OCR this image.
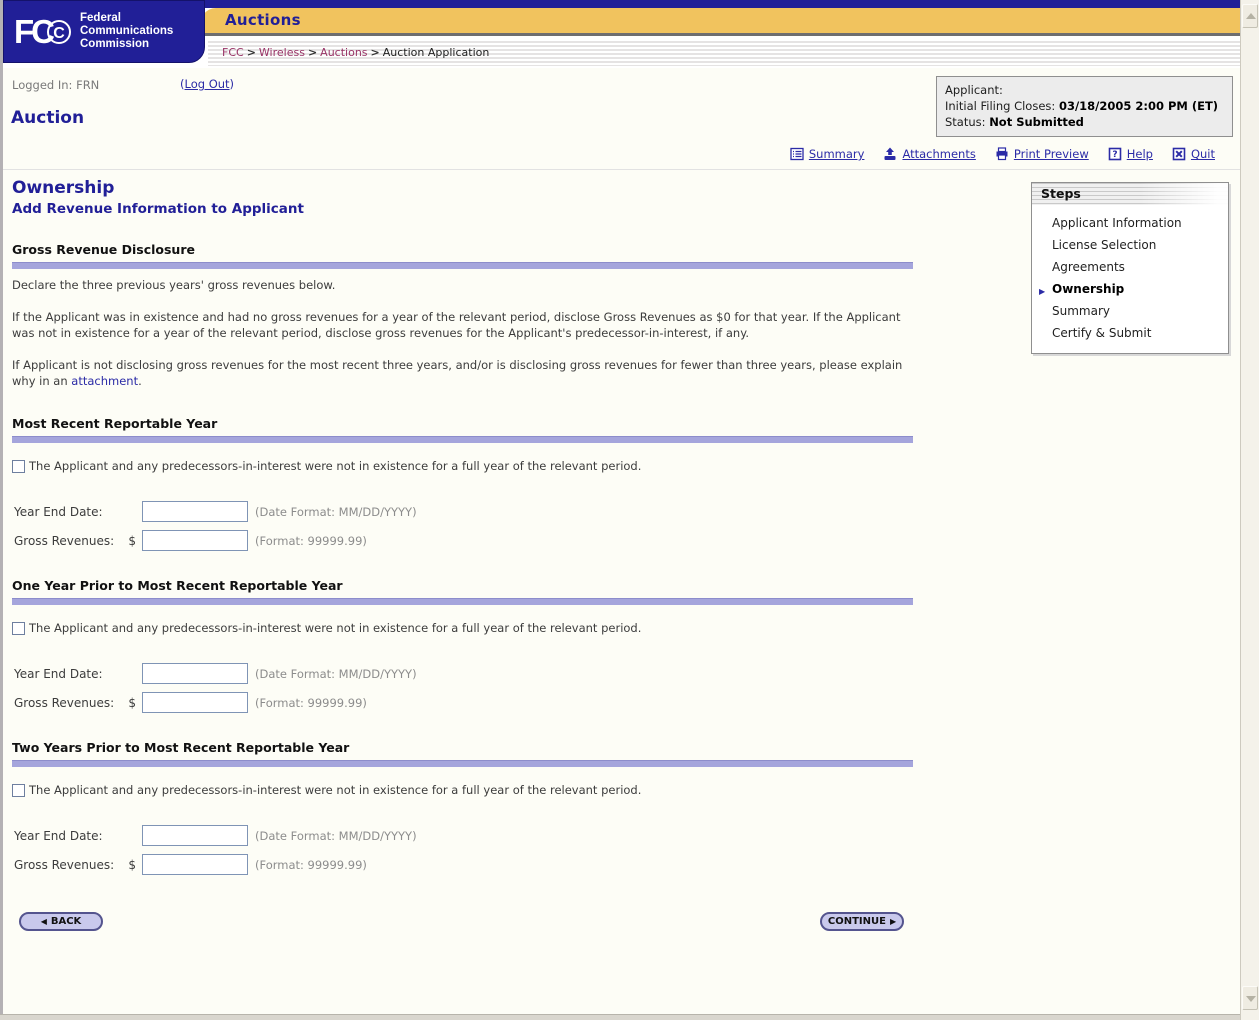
Auctions
FCC > Wireless > Auctions > Auction Application
FC C
Federal
Communications
Commission
Logged In: FRN	(Log Out)
Auction
Applicant:
Initial Filing Closes: 03/18/2005 2:00 PM (ET)
Status: Not Submitted
Summary	Attachments	Print Preview	? Help	Quit
Steps
Applicant Information
License Selection
Agreements
▶ Ownership
Summary
Certify & Submit
Ownership
Add Revenue Information to Applicant
Gross Revenue Disclosure
Declare the three previous years' gross revenues below.
If the Applicant was in existence and had no gross revenues for a year of the relevant period, disclose Gross Revenues as $0 for that year. If the Applicant was not in existence for a year of the relevant period, disclose gross revenues for the Applicant's predecessor-in-interest, if any.
If Applicant is not disclosing gross revenues for the most recent three years, and/or is disclosing gross revenues for fewer than three years, please explain why in an attachment.
Most Recent Reportable Year
The Applicant and any predecessors-in-interest were not in existence for a full year of the relevant period.
Year End Date:	(Date Format: MM/DD/YYYY)
Gross Revenues: $	(Format: 99999.99)
One Year Prior to Most Recent Reportable Year
The Applicant and any predecessors-in-interest were not in existence for a full year of the relevant period.
Year End Date:	(Date Format: MM/DD/YYYY)
Gross Revenues: $	(Format: 99999.99)
Two Years Prior to Most Recent Reportable Year
The Applicant and any predecessors-in-interest were not in existence for a full year of the relevant period.
Year End Date:	(Date Format: MM/DD/YYYY)
Gross Revenues: $	(Format: 99999.99)
◀ BACK	CONTINUE ▶
